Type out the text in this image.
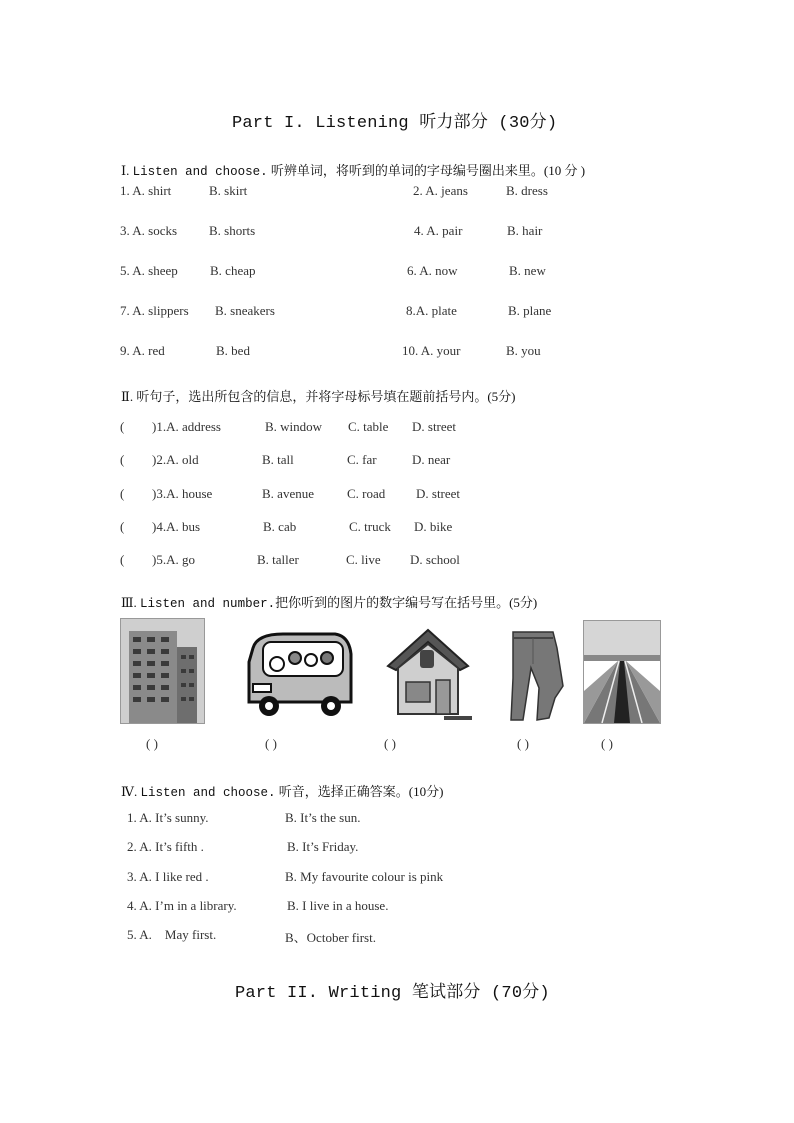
Part I. Listening 听力部分 (30分)
Ⅰ. Listen and choose. 听辨单词，将听到的单词的字母编号圈出来里。(10 分 )
1. A. shirt	B. skirt	2. A. jeans	B. dress
3. A. socks B. shorts	4. A. pair	B. hair
5. A. sheep B. cheap	6. A. now	B. new
7. A. slippers B. sneakers	8.A. plate	B. plane
9. A. red	B. bed	10. A. your	B. you
Ⅱ. 听句子，选出所包含的信息，并将字母标号填在题前括号内。(5分)
( )1.A. address	B. window C. table D. street
( )2.A. old	B. tall	C. far	D. near
( )3.A. house	B. avenue	C. road D. street
( )4.A. bus	B. cab	C. truck D. bike
( )5.A. go	B. taller	C. live D. school
Ⅲ. Listen and number.把你听到的图片的数字编号写在括号里。(5分)
( )	( )	( )	( )	( )
Ⅳ. Listen and choose. 听音，选择正确答案。(10分)
1. A. It’s sunny.	B. It’s the sun.
2. A. It’s fifth .	B. It’s Friday.
3. A. I like red .	B. My favourite colour is pink
4. A. I’m in a library.	B. I live in a house.
5. A.    May first.	B、October first.
Part II. Writing 笔试部分 (70分)
